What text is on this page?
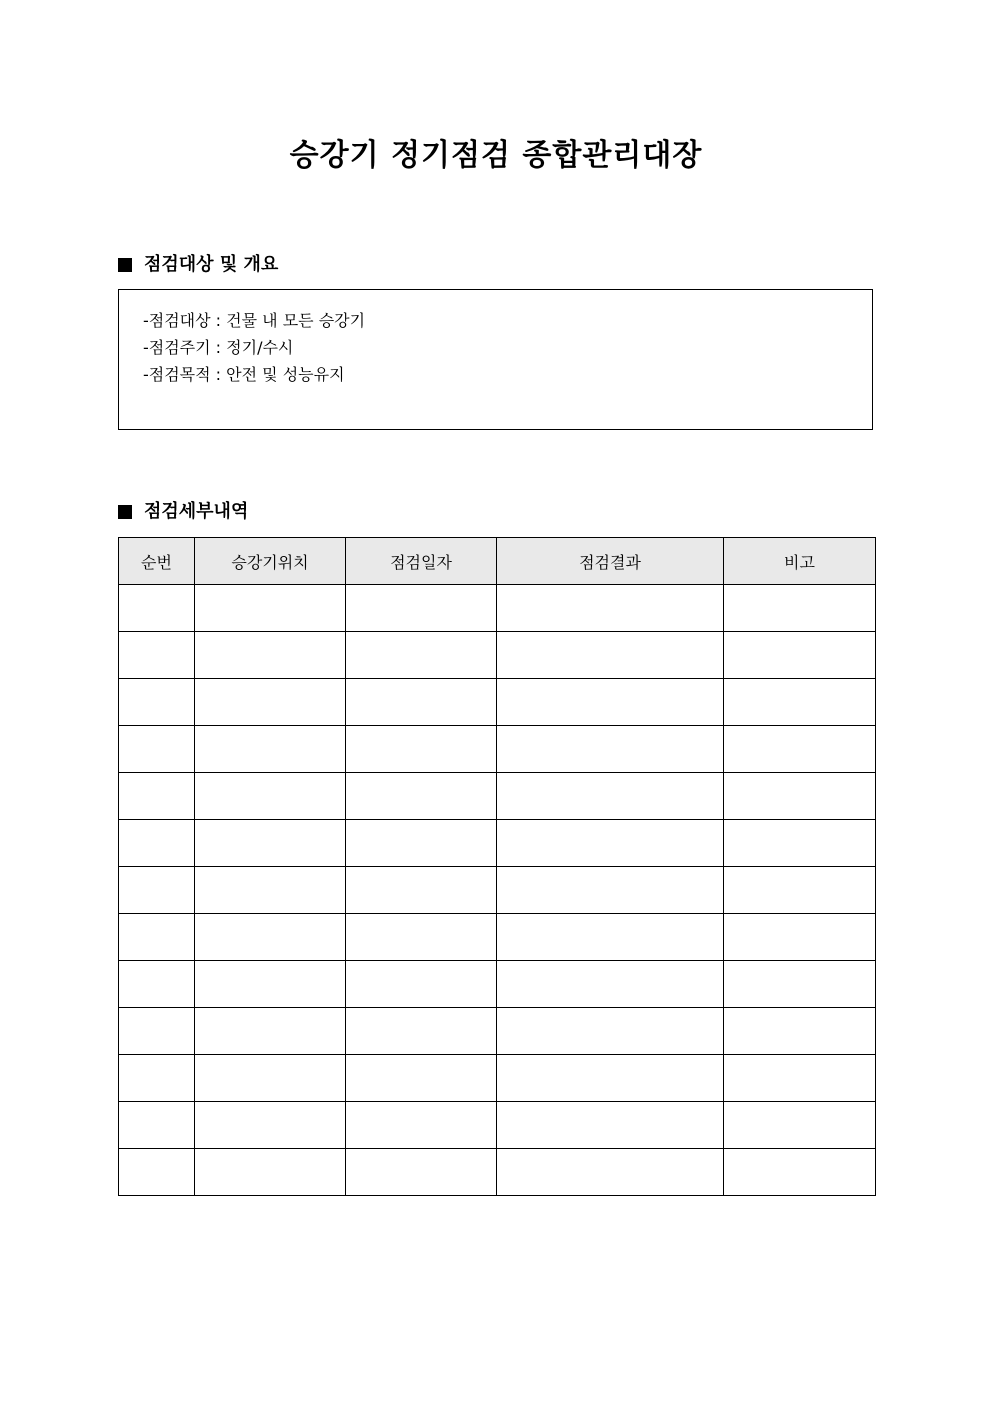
승강기 정기점검 종합관리대장
점검대상 및 개요
-점검대상 : 건물 내 모든 승강기
-점검주기 : 정기/수시
-점검목적 : 안전 및 성능유지
점검세부내역
순번	승강기위치	점검일자	점검결과	비고
